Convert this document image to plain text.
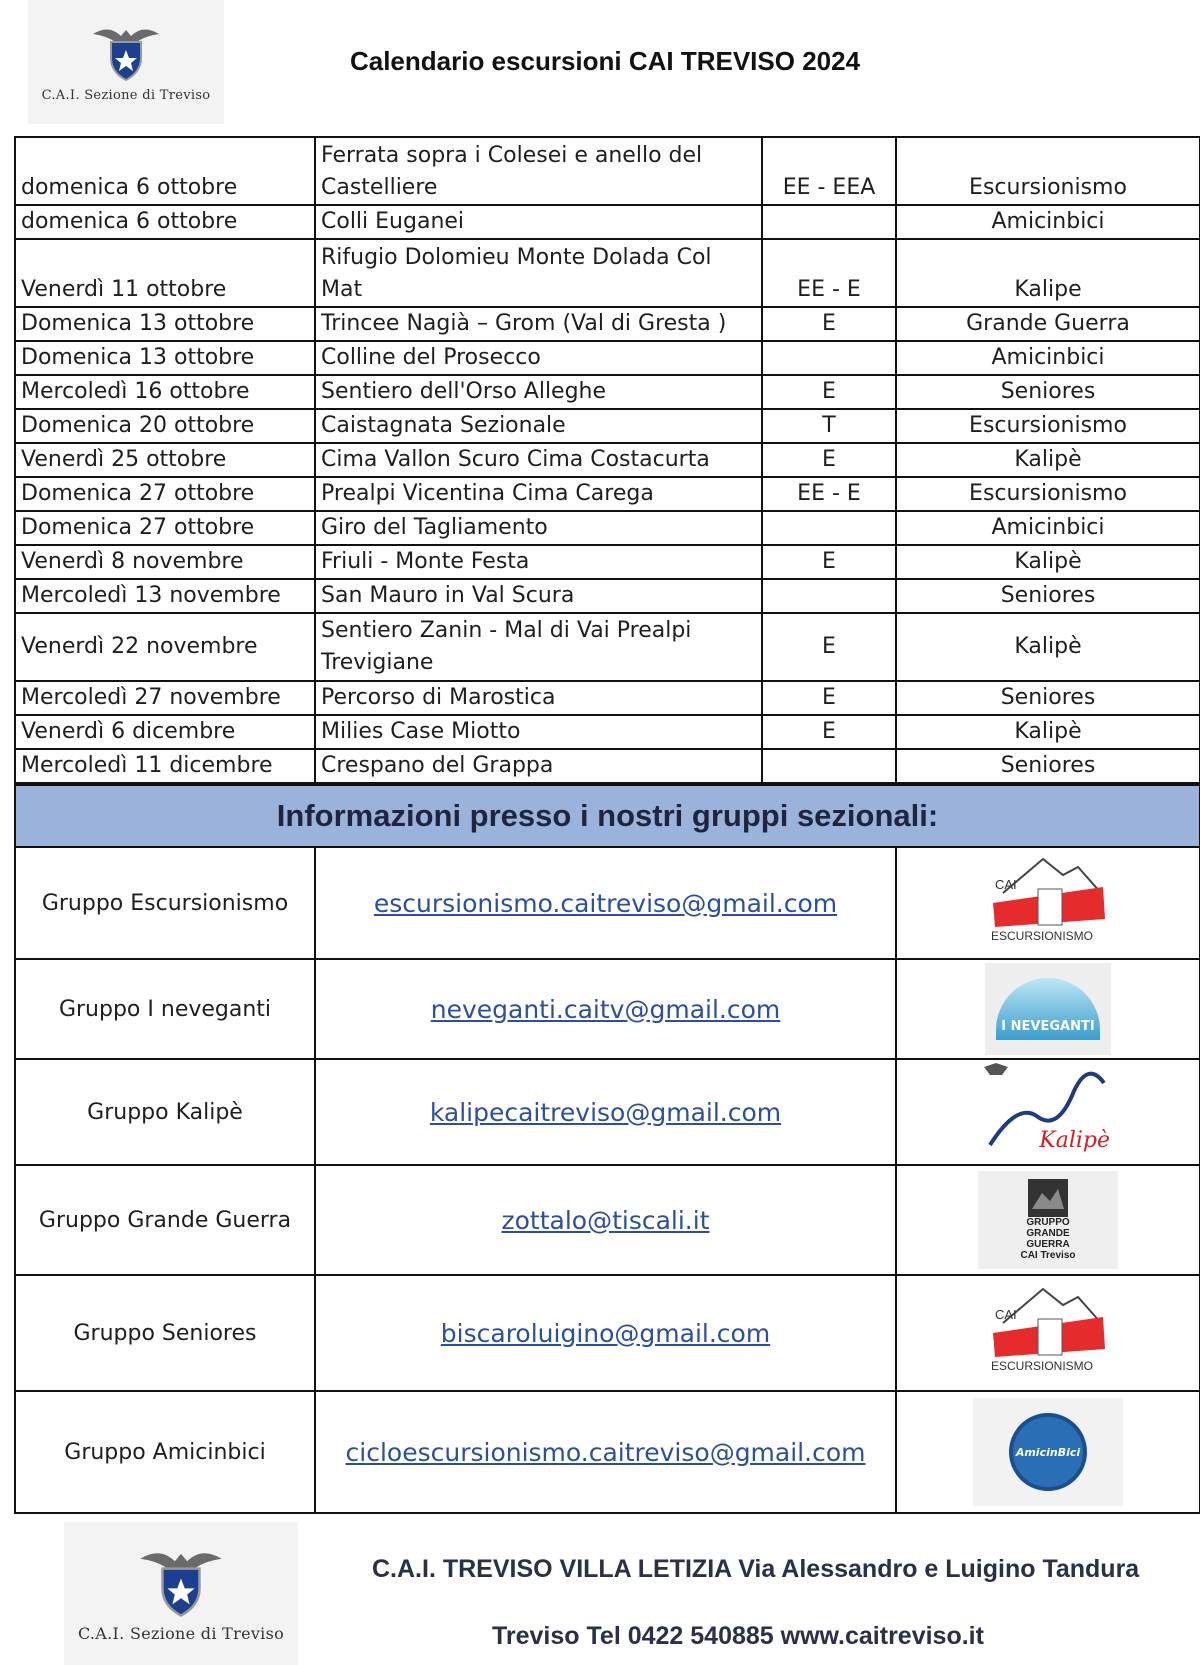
C.A.I. Sezione di Treviso
Calendario escursioni CAI TREVISO 2024
domenica 6 ottobre	Ferrata sopra i Colesei e anello del Castelliere	EE - EEA	Escursionismo
domenica 6 ottobre	Colli Euganei		Amicinbici
Venerdì 11 ottobre	Rifugio Dolomieu Monte Dolada Col Mat	EE - E	Kalipe
Domenica 13 ottobre	Trincee Nagià – Grom (Val di Gresta )	E	Grande Guerra
Domenica 13 ottobre	Colline del Prosecco		Amicinbici
Mercoledì 16 ottobre	Sentiero dell'Orso Alleghe	E	Seniores
Domenica 20 ottobre	Caistagnata Sezionale	T	Escursionismo
Venerdì 25 ottobre	Cima Vallon Scuro Cima Costacurta	E	Kalipè
Domenica 27 ottobre	Prealpi Vicentina Cima Carega	EE - E	Escursionismo
Domenica 27 ottobre	Giro del Tagliamento		Amicinbici
Venerdì 8 novembre	Friuli - Monte Festa	E	Kalipè
Mercoledì 13 novembre	San Mauro in Val Scura		Seniores
Venerdì 22 novembre	Sentiero Zanin - Mal di Vai Prealpi Trevigiane	E	Kalipè
Mercoledì 27 novembre	Percorso di Marostica	E	Seniores
Venerdì 6 dicembre	Milies Case Miotto	E	Kalipè
Mercoledì 11 dicembre	Crespano del Grappa		Seniores
Informazioni presso i nostri gruppi sezionali:		
Gruppo Escursionismo	escursionismo.caitreviso@gmail.com	CAI
ESCURSIONISMO

Gruppo I neveganti	neveganti.caitv@gmail.com	I NEVEGANTI

Gruppo Kalipè	kalipecaitreviso@gmail.com	Kalipè

Gruppo Grande Guerra	zottalo@tiscali.it	GRUPPO GRANDE GUERRA CAI Treviso

Gruppo Seniores	biscaroluigino@gmail.com	CAI
ESCURSIONISMO

Gruppo Amicinbici	cicloescursionismo.caitreviso@gmail.com	AmicinBici
C.A.I. Sezione di Treviso
C.A.I. TREVISO VILLA LETIZIA Via Alessandro e Luigino Tandura
Treviso Tel 0422 540885 www.caitreviso.it
